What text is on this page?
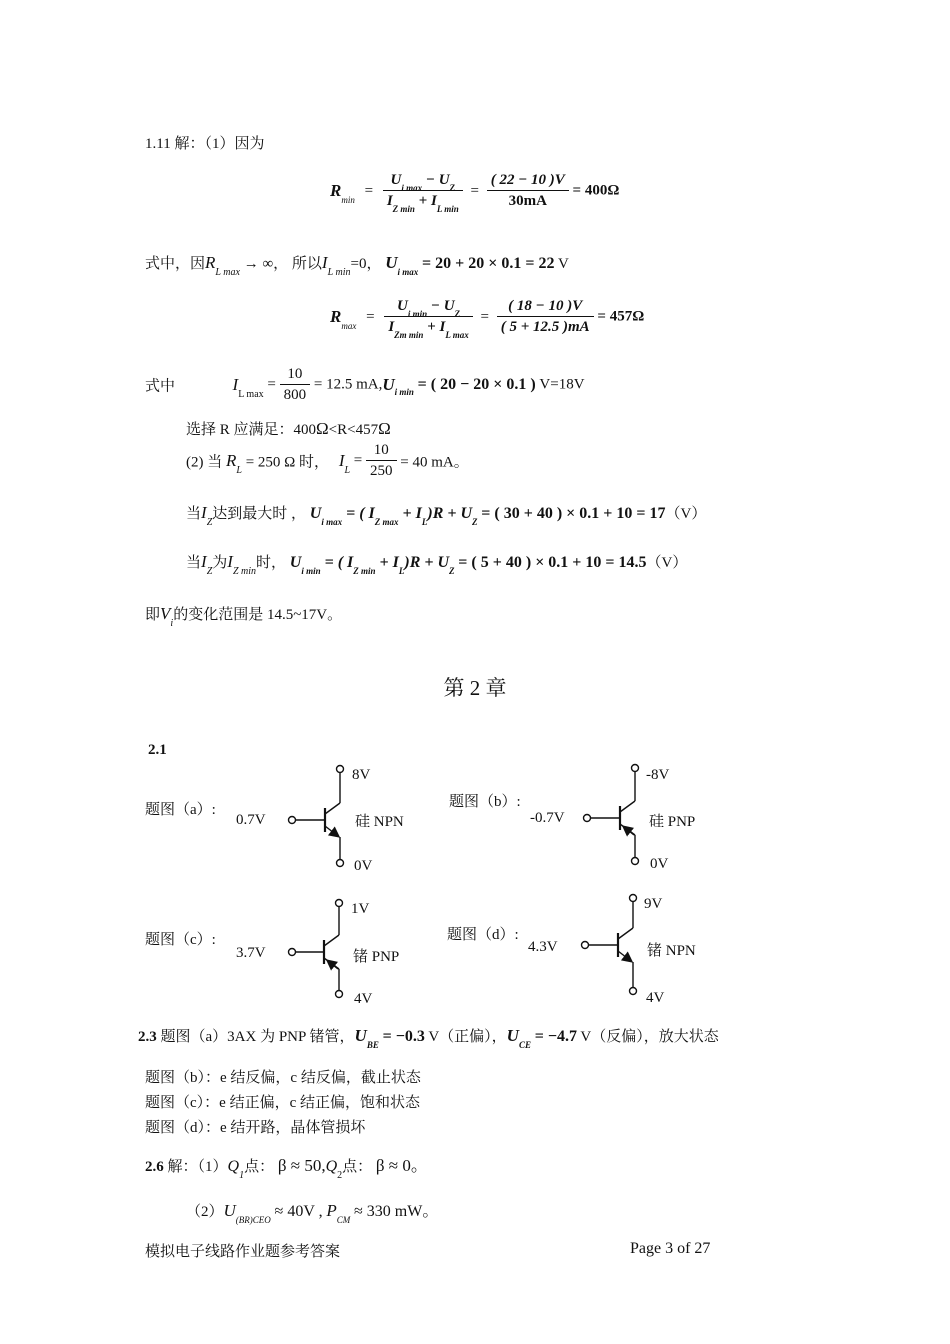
1.11 解：（1）因为
$R_{min} = \frac{U_{i max} - U_Z}{I_{Z min} + I_{L min}} = \frac{( 22 - 10 )V}{30mA} = 400\Omega$
式中，因$R_{L max}$ → ∞， 所以$I_{L min}=0$， $U_{i max} = 20 + 20 \times 0.1 = 22$ V
$R_{max} = \frac{U_{i min} - U_Z}{I_{Zm min} + I_{L max}} = \frac{( 18 - 10 )V}{( 5 + 12.5 )mA} = 457\Omega$
式中	$I_{L max} = \frac{10}{800} = 12.5$ $mA,U_{i min}$ = ( 20 − 20 × 0.1 ) V=18V
选择 R 应满足：400Ω<R<457Ω
(2) 当 $R_L = 250$ Ω 时， $I_L = \frac{10}{250} = 40$ mA。
当$I_Z$达到最大时 ， $U_{i max}$ = ( $I_{Z max} + I_L)R + U_Z$ = ( 30 + 40 ) × 0.1 + 10 = 17（V）
当$I_Z$为$I_{Z min}$时， $U_{i min}$ = ( $I_{Z min} + I_L)R + U_Z$ = ( 5 + 40 ) × 0.1 + 10 = 14.5（V）
即$V_i$的变化范围是 14.5~17V。
第 2 章
2.1
题图（a）:	题图（b）:
题图（c）:	题图（d）:
0.7V
8V
硅 NPN
0V
-0.7V
-8V
硅 PNP
0V
3.7V
1V
锗 PNP
4V
4.3V
9V
锗 NPN
4V
2.3 题图（a）3AX 为 PNP 锗管，$U_{BE} = -0.3$ V（正偏），$U_{CE} = -4.7$ V（反偏），放大状态
题图（b）：e 结反偏，c 结反偏，截止状态
题图（c）：e 结正偏，c 结正偏，饱和状态
题图（d）：e 结开路，晶体管损坏
2.6 解：$(1)Q_1$点： $\beta \approx 50,Q_2$点： β ≈ 0。
$(2)U_{(BR)CEO} \approx 40V$ , $P_{CM} \approx 330$ mW。
模拟电子线路作业题参考答案	Page 3 of 27
